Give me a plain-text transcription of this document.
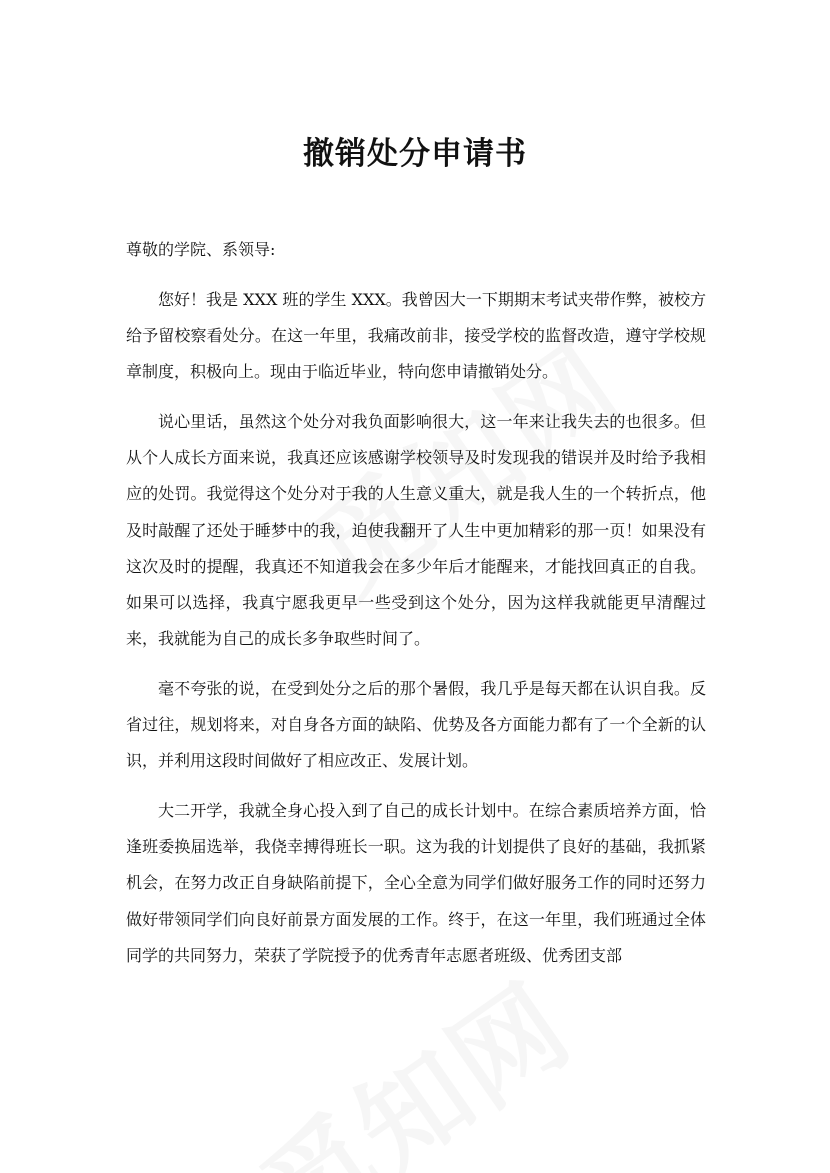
撤销处分申请书

尊敬的学院、系领导:

您好！我是 XXX 班的学生 XXX。我曾因大一下期期末考试夹带作弊，被校方给予留校察看处分。在这一年里，我痛改前非，接受学校的监督改造，遵守学校规章制度，积极向上。现由于临近毕业，特向您申请撤销处分。

说心里话，虽然这个处分对我负面影响很大，这一年来让我失去的也很多。但从个人成长方面来说，我真还应该感谢学校领导及时发现我的错误并及时给予我相应的处罚。我觉得这个处分对于我的人生意义重大，就是我人生的一个转折点，他及时敲醒了还处于睡梦中的我，迫使我翻开了人生中更加精彩的那一页！如果没有这次及时的提醒，我真还不知道我会在多少年后才能醒来，才能找回真正的自我。如果可以选择，我真宁愿我更早一些受到这个处分，因为这样我就能更早清醒过来，我就能为自己的成长多争取些时间了。

毫不夸张的说，在受到处分之后的那个暑假，我几乎是每天都在认识自我。反省过往，规划将来，对自身各方面的缺陷、优势及各方面能力都有了一个全新的认识，并利用这段时间做好了相应改正、发展计划。

大二开学，我就全身心投入到了自己的成长计划中。在综合素质培养方面，恰逢班委换届选举，我侥幸搏得班长一职。这为我的计划提供了良好的基础，我抓紧机会，在努力改正自身缺陷前提下，全心全意为同学们做好服务工作的同时还努力做好带领同学们向良好前景方面发展的工作。终于，在这一年里，我们班通过全体同学的共同努力，荣获了学院授予的优秀青年志愿者班级、优秀团支部
